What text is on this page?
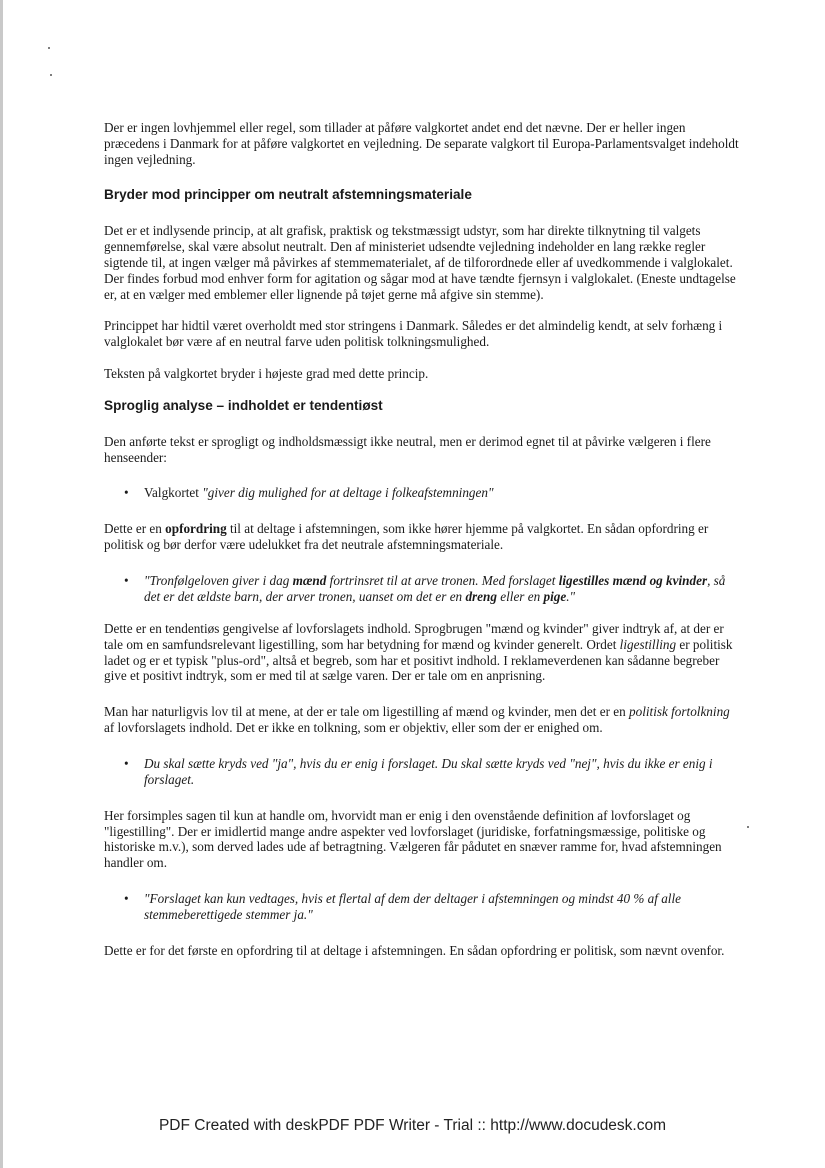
Der er ingen lovhjemmel eller regel, som tillader at påføre valgkortet andet end det nævne. Der er heller ingen præcedens i Danmark for at påføre valgkortet en vejledning. De separate valgkort til Europa-Parlamentsvalget indeholdt ingen vejledning.

Bryder mod principper om neutralt afstemningsmateriale

Det er et indlysende princip, at alt grafisk, praktisk og tekstmæssigt udstyr, som har direkte tilknytning til valgets gennemførelse, skal være absolut neutralt. Den af ministeriet udsendte vejledning indeholder en lang række regler sigtende til, at ingen vælger må påvirkes af stemmematerialet, af de tilforordnede eller af uvedkommende i valglokalet. Der findes forbud mod enhver form for agitation og sågar mod at have tændte fjernsyn i valglokalet. (Eneste undtagelse er, at en vælger med emblemer eller lignende på tøjet gerne må afgive sin stemme).

Princippet har hidtil været overholdt med stor stringens i Danmark. Således er det almindelig kendt, at selv forhæng i valglokalet bør være af en neutral farve uden politisk tolkningsmulighed.

Teksten på valgkortet bryder i højeste grad med dette princip.

Sproglig analyse – indholdet er tendentiøst

Den anførte tekst er sprogligt og indholdsmæssigt ikke neutral, men er derimod egnet til at påvirke vælgeren i flere henseender:

• Valgkortet "giver dig mulighed for at deltage i folkeafstemningen"

Dette er en opfordring til at deltage i afstemningen, som ikke hører hjemme på valgkortet. En sådan opfordring er politisk og bør derfor være udelukket fra det neutrale afstemningsmateriale.

• "Tronfølgeloven giver i dag mænd fortrinsret til at arve tronen. Med forslaget ligestilles mænd og kvinder, så det er det ældste barn, der arver tronen, uanset om det er en dreng eller en pige."

Dette er en tendentiøs gengivelse af lovforslagets indhold. Sprogbrugen "mænd og kvinder" giver indtryk af, at der er tale om en samfundsrelevant ligestilling, som har betydning for mænd og kvinder generelt. Ordet ligestilling er politisk ladet og er et typisk "plus-ord", altså et begreb, som har et positivt indhold. I reklameverdenen kan sådanne begreber give et positivt indtryk, som er med til at sælge varen. Der er tale om en anprisning.

Man har naturligvis lov til at mene, at der er tale om ligestilling af mænd og kvinder, men det er en politisk fortolkning af lovforslagets indhold. Det er ikke en tolkning, som er objektiv, eller som der er enighed om.

• Du skal sætte kryds ved "ja", hvis du er enig i forslaget. Du skal sætte kryds ved "nej", hvis du ikke er enig i forslaget.

Her forsimples sagen til kun at handle om, hvorvidt man er enig i den ovenstående definition af lovforslaget og "ligestilling". Der er imidlertid mange andre aspekter ved lovforslaget (juridiske, forfatningsmæssige, politiske og historiske m.v.), som derved lades ude af betragtning. Vælgeren får pådutet en snæver ramme for, hvad afstemningen handler om.

• "Forslaget kan kun vedtages, hvis et flertal af dem der deltager i afstemningen og mindst 40 % af alle stemmeberettigede stemmer ja."

Dette er for det første en opfordring til at deltage i afstemningen. En sådan opfordring er politisk, som nævnt ovenfor.

PDF Created with deskPDF PDF Writer - Trial :: http://www.docudesk.com
